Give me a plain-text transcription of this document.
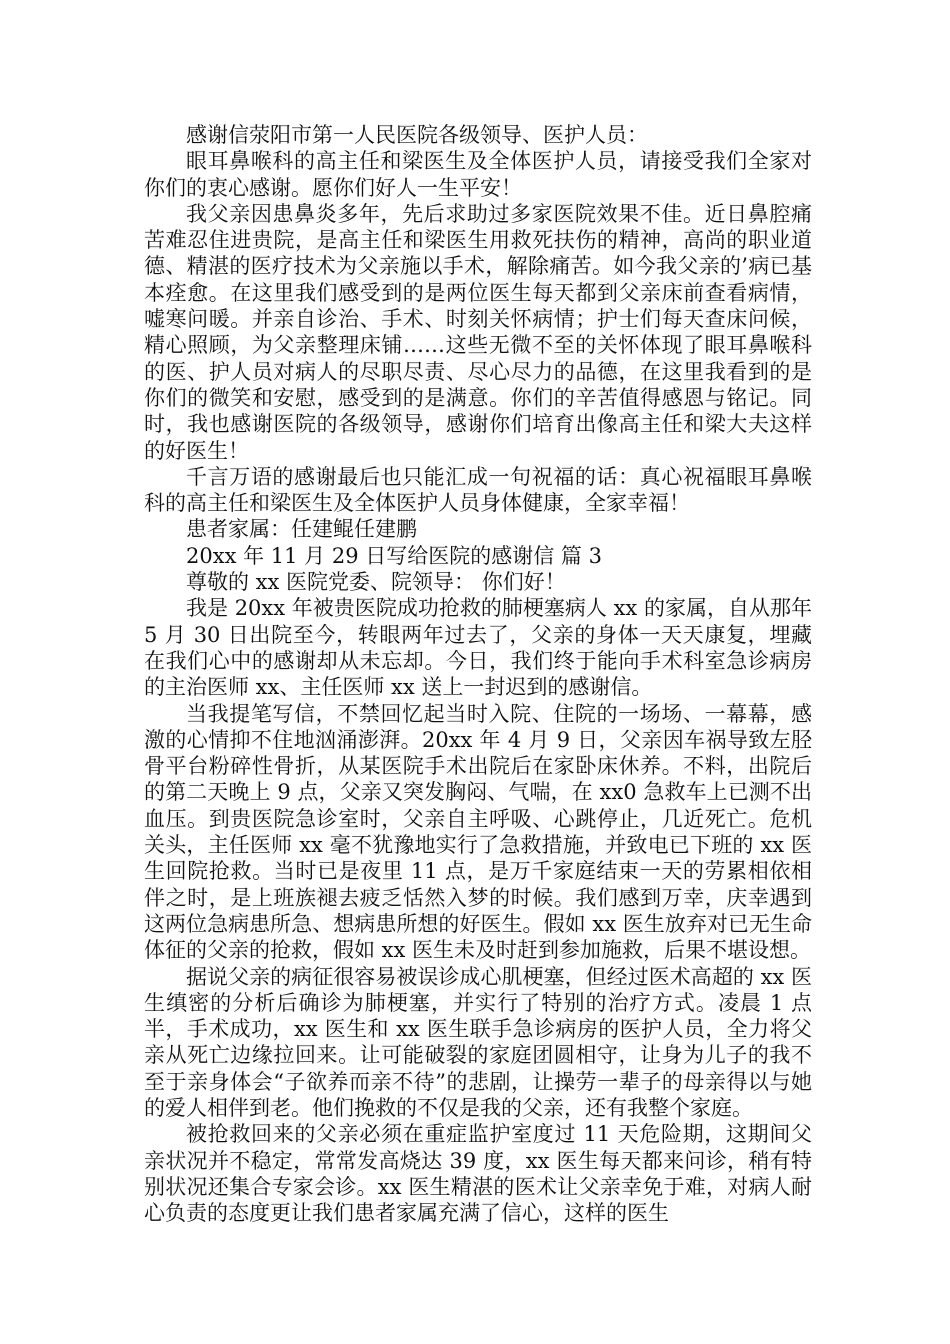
感谢信荥阳市第一人民医院各级领导、医护人员：

眼耳鼻喉科的高主任和梁医生及全体医护人员，请接受我们全家对你们的衷心感谢。愿你们好人一生平安！

我父亲因患鼻炎多年，先后求助过多家医院效果不佳。近日鼻腔痛苦难忍住进贵院，是高主任和梁医生用救死扶伤的精神，高尚的职业道德、精湛的医疗技术为父亲施以手术，解除痛苦。如今我父亲的’病已基本痊愈。在这里我们感受到的是两位医生每天都到父亲床前查看病情，嘘寒问暖。并亲自诊治、手术、时刻关怀病情；护士们每天查床问候，精心照顾，为父亲整理床铺……这些无微不至的关怀体现了眼耳鼻喉科的医、护人员对病人的尽职尽责、尽心尽力的品德，在这里我看到的是你们的微笑和安慰，感受到的是满意。你们的辛苦值得感恩与铭记。同时，我也感谢医院的各级领导，感谢你们培育出像高主任和梁大夫这样的好医生！

千言万语的感谢最后也只能汇成一句祝福的话：真心祝福眼耳鼻喉科的高主任和梁医生及全体医护人员身体健康，全家幸福！

患者家属：任建鲲任建鹏

20xx 年 11 月 29 日写给医院的感谢信 篇 3

尊敬的 xx 医院党委、院领导： 你们好！

我是 20xx 年被贵医院成功抢救的肺梗塞病人 xx 的家属，自从那年 5 月 30 日出院至今，转眼两年过去了，父亲的身体一天天康复，埋藏在我们心中的感谢却从未忘却。今日，我们终于能向手术科室急诊病房的主治医师 xx、主任医师 xx 送上一封迟到的感谢信。

当我提笔写信，不禁回忆起当时入院、住院的一场场、一幕幕，感激的心情抑不住地汹涌澎湃。20xx 年 4 月 9 日，父亲因车祸导致左胫骨平台粉碎性骨折，从某医院手术出院后在家卧床休养。不料，出院后的第二天晚上 9 点，父亲又突发胸闷、气喘，在 xx0 急救车上已测不出血压。到贵医院急诊室时，父亲自主呼吸、心跳停止，几近死亡。危机关头，主任医师 xx 毫不犹豫地实行了急救措施，并致电已下班的 xx 医生回院抢救。当时已是夜里 11 点，是万千家庭结束一天的劳累相依相伴之时，是上班族褪去疲乏恬然入梦的时候。我们感到万幸，庆幸遇到这两位急病患所急、想病患所想的好医生。假如 xx 医生放弃对已无生命体征的父亲的抢救，假如 xx 医生未及时赶到参加施救，后果不堪设想。

据说父亲的病征很容易被误诊成心肌梗塞，但经过医术高超的 xx 医生缜密的分析后确诊为肺梗塞，并实行了特别的治疗方式。凌晨 1 点半，手术成功，xx 医生和 xx 医生联手急诊病房的医护人员，全力将父亲从死亡边缘拉回来。让可能破裂的家庭团圆相守，让身为儿子的我不至于亲身体会“子欲养而亲不待”的悲剧，让操劳一辈子的母亲得以与她的爱人相伴到老。他们挽救的不仅是我的父亲，还有我整个家庭。

被抢救回来的父亲必须在重症监护室度过 11 天危险期，这期间父亲状况并不稳定，常常发高烧达 39 度，xx 医生每天都来问诊，稍有特别状况还集合专家会诊。xx 医生精湛的医术让父亲幸免于难，对病人耐心负责的态度更让我们患者家属充满了信心，这样的医生
